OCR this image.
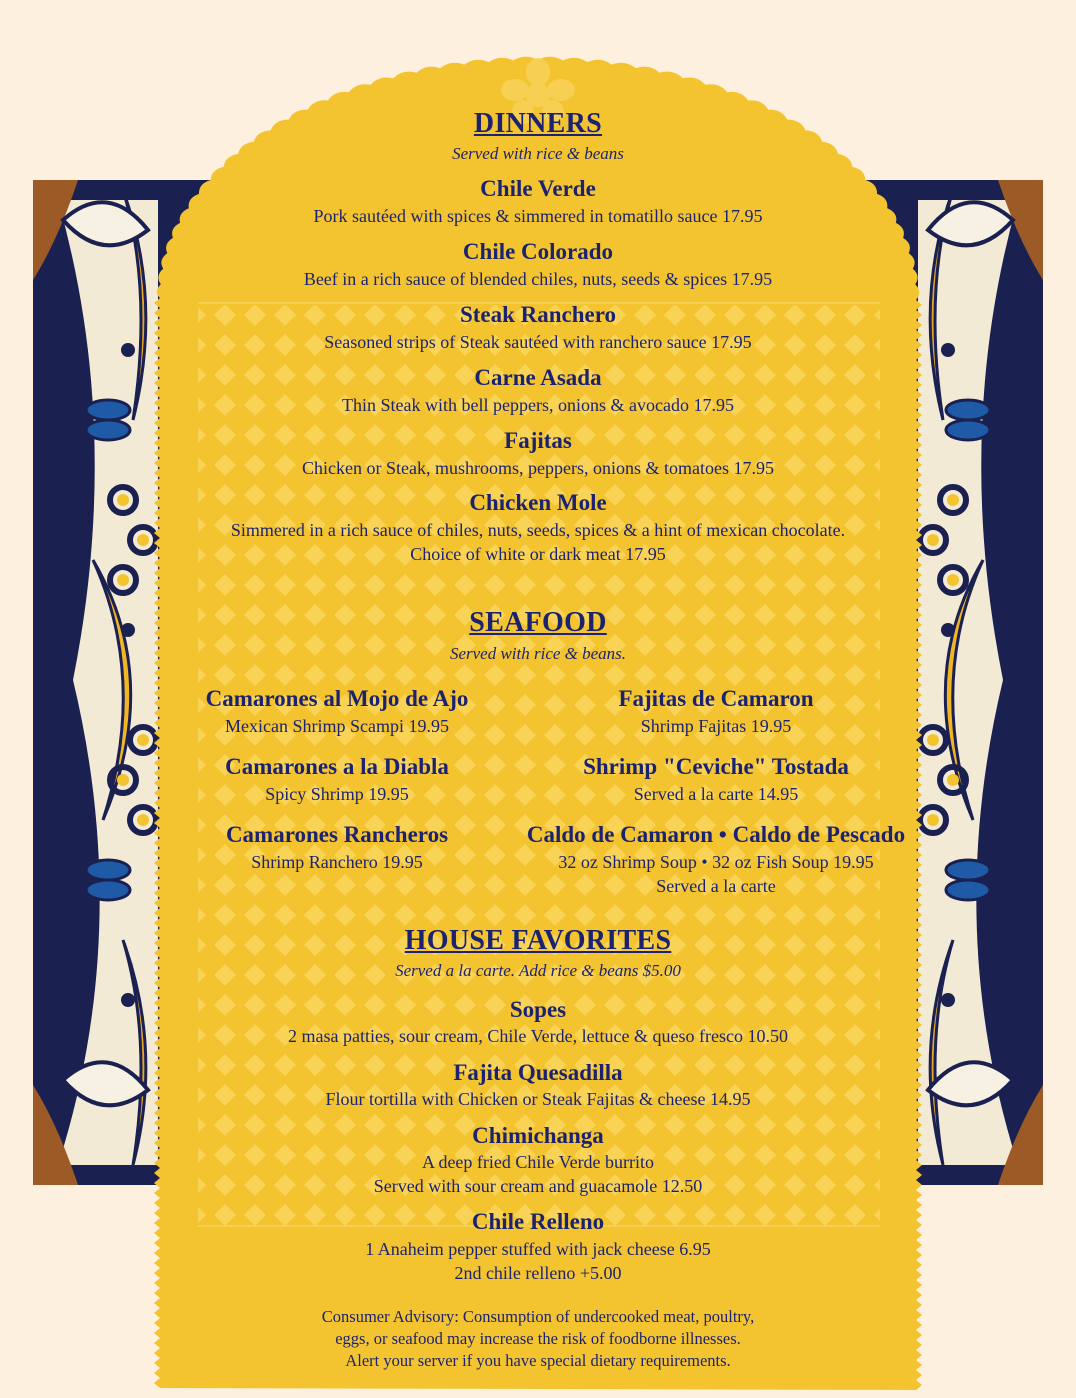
DINNERS
Served with rice & beans
Chile Verde
Pork sautéed with spices & simmered in tomatillo sauce 17.95
Chile Colorado
Beef in a rich sauce of blended chiles, nuts, seeds & spices 17.95
Steak Ranchero
Seasoned strips of Steak sautéed with ranchero sauce 17.95
Carne Asada
Thin Steak with bell peppers, onions & avocado 17.95
Fajitas
Chicken or Steak, mushrooms, peppers, onions & tomatoes 17.95
Chicken Mole
Simmered in a rich sauce of chiles, nuts, seeds, spices & a hint of mexican chocolate.
Choice of white or dark meat 17.95
SEAFOOD
Served with rice & beans.
Camarones al Mojo de Ajo
Mexican Shrimp Scampi 19.95
Camarones a la Diabla
Spicy Shrimp 19.95
Camarones Rancheros
Shrimp Ranchero 19.95
Fajitas de Camaron
Shrimp Fajitas 19.95
Shrimp "Ceviche" Tostada
Served a la carte 14.95
Caldo de Camaron • Caldo de Pescado
32 oz Shrimp Soup • 32 oz Fish Soup 19.95
Served a la carte
HOUSE FAVORITES
Served a la carte. Add rice & beans $5.00
Sopes
2 masa patties, sour cream, Chile Verde, lettuce & queso fresco 10.50
Fajita Quesadilla
Flour tortilla with Chicken or Steak Fajitas & cheese 14.95
Chimichanga
A deep fried Chile Verde burrito
Served with sour cream and guacamole 12.50
Chile Relleno
1 Anaheim pepper stuffed with jack cheese 6.95
2nd chile relleno +5.00
Consumer Advisory: Consumption of undercooked meat, poultry,
eggs, or seafood may increase the risk of foodborne illnesses.
Alert your server if you have special dietary requirements.
